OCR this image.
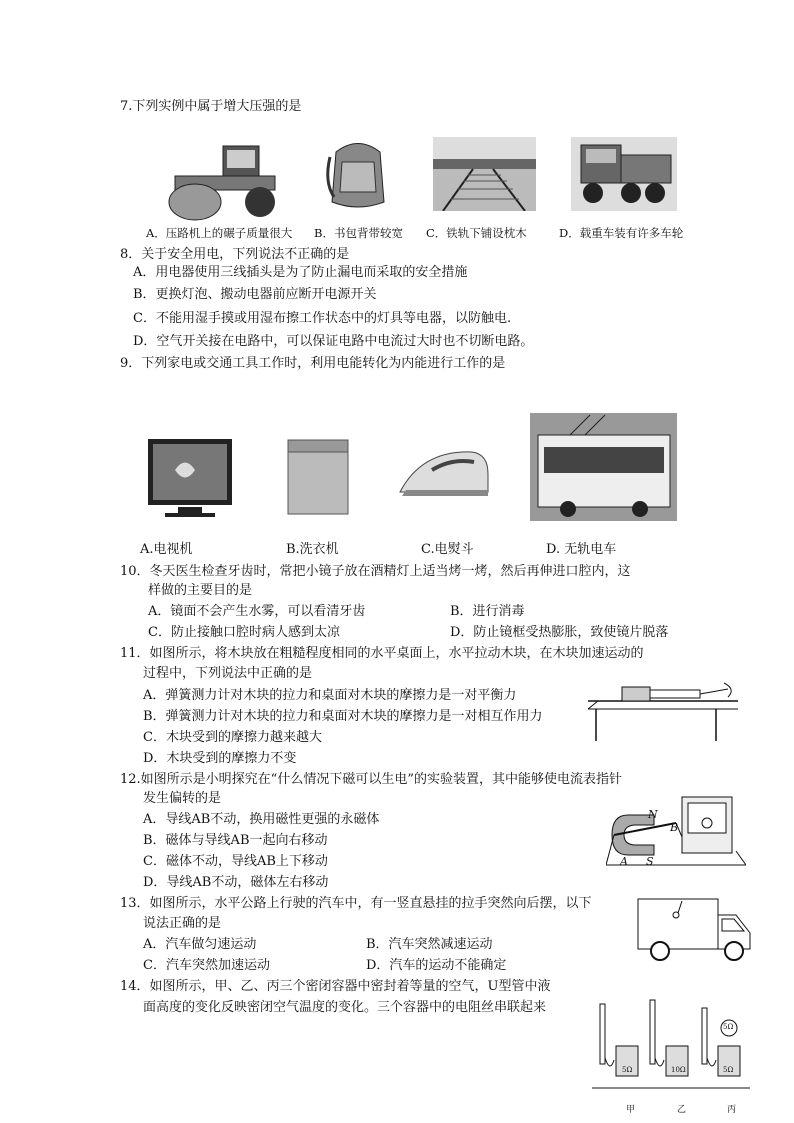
7.下列实例中属于增大压强的是
A．压路机上的碾子质量很大 B．书包背带较宽 C．铁轨下铺设枕木	D．载重车装有许多车轮
8．关于安全用电，下列说法不正确的是
A．用电器使用三线插头是为了防止漏电而采取的安全措施
B．更换灯泡、搬动电器前应断开电源开关
C．不能用湿手摸或用湿布擦工作状态中的灯具等电器，以防触电.
D．空气开关接在电路中，可以保证电路中电流过大时也不切断电路。
9．下列家电或交通工具工作时，利用电能转化为内能进行工作的是
A.电视机	B.洗衣机	C.电熨斗	D. 无轨电车
10．冬天医生检查牙齿时，常把小镜子放在酒精灯上适当烤一烤，然后再伸进口腔内，这
样做的主要目的是
A．镜面不会产生水雾，可以看清牙齿	B．进行消毒
C．防止接触口腔时病人感到太凉	D．防止镜框受热膨胀，致使镜片脱落
11．如图所示，将木块放在粗糙程度相同的水平桌面上，水平拉动木块，在木块加速运动的
过程中，下列说法中正确的是
A．弹簧测力计对木块的拉力和桌面对木块的摩擦力是一对平衡力
B．弹簧测力计对木块的拉力和桌面对木块的摩擦力是一对相互作用力
C．木块受到的摩擦力越来越大
D．木块受到的摩擦力不变
12.如图所示是小明探究在“什么情况下磁可以生电”的实验装置，其中能够使电流表指针
发生偏转的是
A．导线AB不动，换用磁性更强的永磁体
B．磁体与导线AB一起向右移动
C．磁体不动，导线AB上下移动
D．导线AB不动，磁体左右移动
N
B
A S
13．如图所示，水平公路上行驶的汽车中，有一竖直悬挂的拉手突然向后摆，以下
说法正确的是
A．汽车做匀速运动	B．汽车突然减速运动
C．汽车突然加速运动	D．汽车的运动不能确定
14．如图所示，甲、乙、丙三个密闭容器中密封着等量的空气，U型管中液
面高度的变化反映密闭空气温度的变化。三个容器中的电阻丝串联起来
5Ω	10Ω	5Ω
5Ω
甲	乙	丙
